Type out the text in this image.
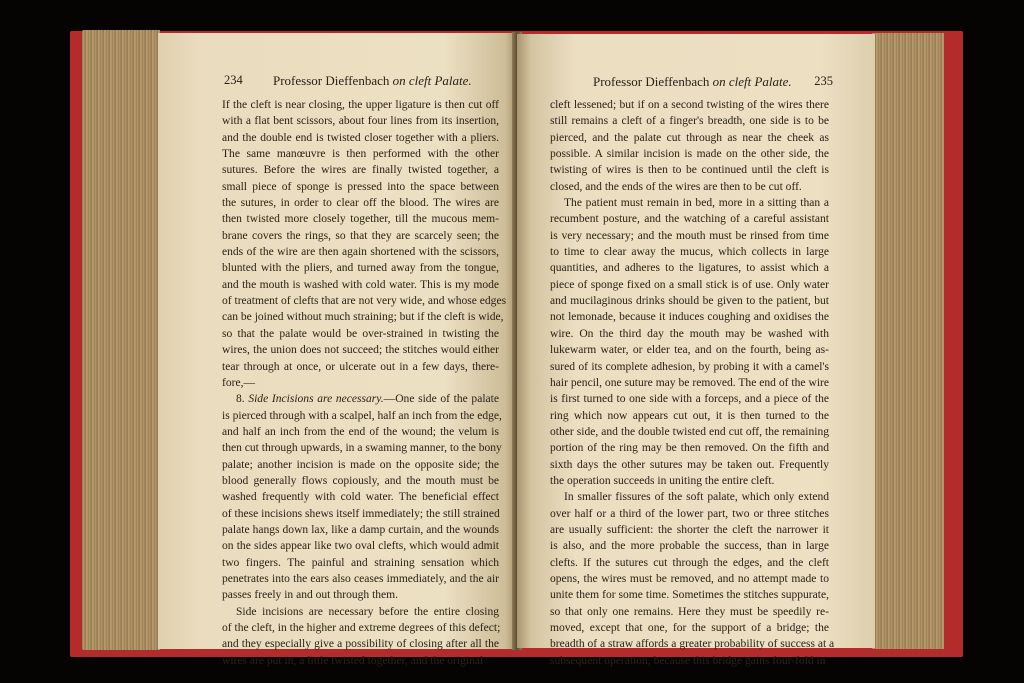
234 Professor Dieffenbach on cleft Palate.

If the cleft is near closing, the upper ligature is then cut off
with a flat bent scissors, about four lines from its insertion,
and the double end is twisted closer together with a pliers.
The same manœuvre is then performed with the other
sutures. Before the wires are finally twisted together, a
small piece of sponge is pressed into the space between
the sutures, in order to clear off the blood. The wires are
then twisted more closely together, till the mucous mem-
brane covers the rings, so that they are scarcely seen; the
ends of the wire are then again shortened with the scissors,
blunted with the pliers, and turned away from the tongue,
and the mouth is washed with cold water. This is my mode
of treatment of clefts that are not very wide, and whose edges
can be joined without much straining; but if the cleft is wide,
so that the palate would be over-strained in twisting the
wires, the union does not succeed; the stitches would either
tear through at once, or ulcerate out in a few days, there-
fore,—

8. Side Incisions are necessary.—One side of the palate
is pierced through with a scalpel, half an inch from the edge,
and half an inch from the end of the wound; the velum is
then cut through upwards, in a swaming manner, to the bony
palate; another incision is made on the opposite side; the
blood generally flows copiously, and the mouth must be
washed frequently with cold water. The beneficial effect
of these incisions shews itself immediately; the still strained
palate hangs down lax, like a damp curtain, and the wounds
on the sides appear like two oval clefts, which would admit
two fingers. The painful and straining sensation which
penetrates into the ears also ceases immediately, and the air
passes freely in and out through them.

Side incisions are necessary before the entire closing
of the cleft, in the higher and extreme degrees of this defect;
and they especially give a possibility of closing after all the
wires are put in, a little twisted together, and the original

Professor Dieffenbach on cleft Palate. 235

cleft lessened; but if on a second twisting of the wires there
still remains a cleft of a finger's breadth, one side is to be
pierced, and the palate cut through as near the cheek as
possible. A similar incision is made on the other side, the
twisting of wires is then to be continued until the cleft is
closed, and the ends of the wires are then to be cut off.

The patient must remain in bed, more in a sitting than a
recumbent posture, and the watching of a careful assistant
is very necessary; and the mouth must be rinsed from time
to time to clear away the mucus, which collects in large
quantities, and adheres to the ligatures, to assist which a
piece of sponge fixed on a small stick is of use. Only water
and mucilaginous drinks should be given to the patient, but
not lemonade, because it induces coughing and oxidises the
wire. On the third day the mouth may be washed with
lukewarm water, or elder tea, and on the fourth, being as-
sured of its complete adhesion, by probing it with a camel's
hair pencil, one suture may be removed. The end of the wire
is first turned to one side with a forceps, and a piece of the
ring which now appears cut out, it is then turned to the
other side, and the double twisted end cut off, the remaining
portion of the ring may be then removed. On the fifth and
sixth days the other sutures may be taken out. Frequently
the operation succeeds in uniting the entire cleft.

In smaller fissures of the soft palate, which only extend
over half or a third of the lower part, two or three stitches
are usually sufficient: the shorter the cleft the narrower it
is also, and the more probable the success, than in large
clefts. If the sutures cut through the edges, and the cleft
opens, the wires must be removed, and no attempt made to
unite them for some time. Sometimes the stitches suppurate,
so that only one remains. Here they must be speedily re-
moved, except that one, for the support of a bridge; the
breadth of a straw affords a greater probability of success at a
subsequent operation, because this bridge gains four-fold in
